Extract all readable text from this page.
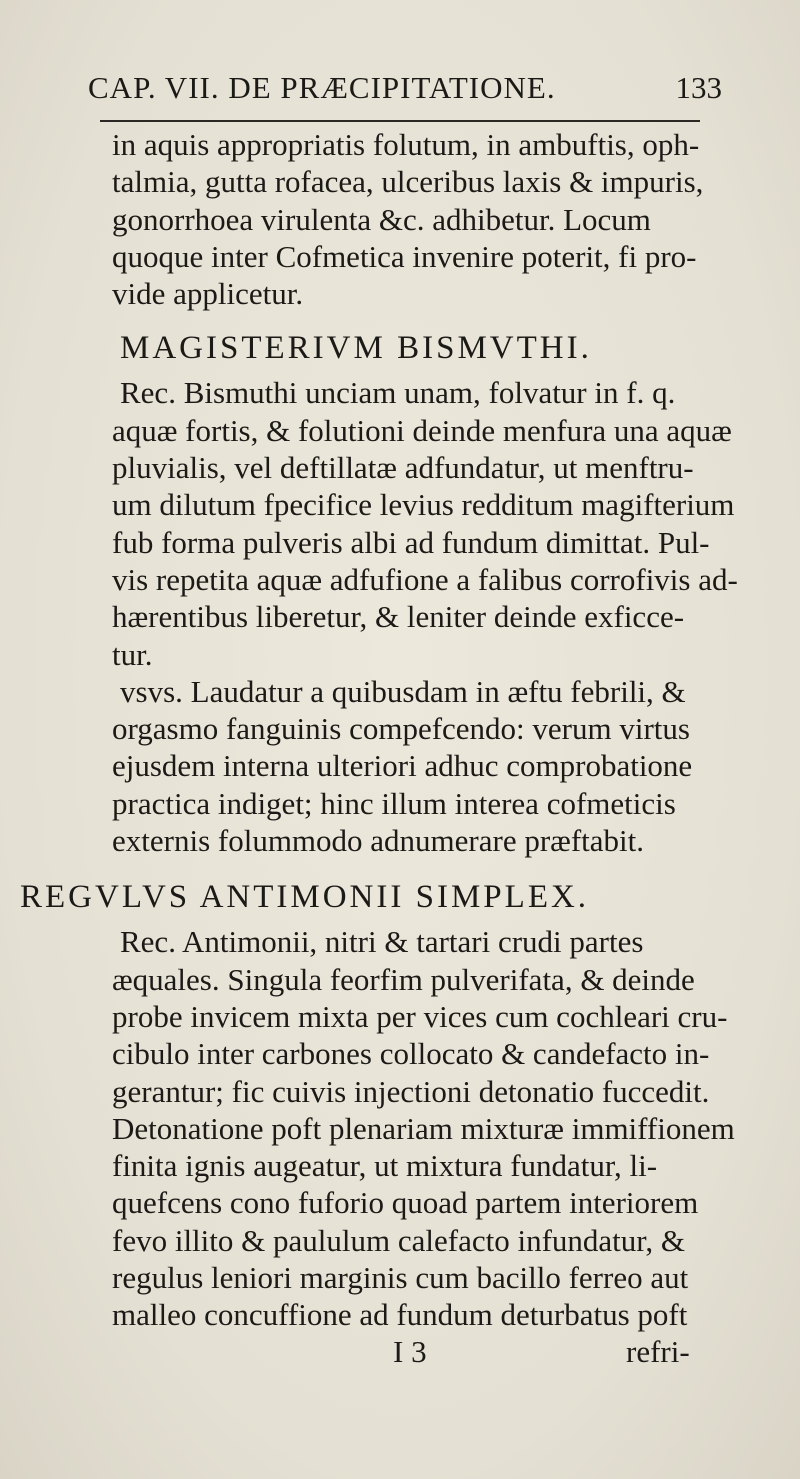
CAP. VII. DE PRÆCIPITATIONE.	133
in aquis appropriatis folutum, in ambuftis, oph-
talmia, gutta rofacea, ulceribus laxis & impuris,
gonorrhoea virulenta &c. adhibetur. Locum
quoque inter Cofmetica invenire poterit, fi pro-
vide applicetur.
MAGISTERIVM BISMVTHI.
Rec. Bismuthi unciam unam, folvatur in f. q.
aquæ fortis, & folutioni deinde menfura una aquæ
pluvialis, vel deftillatæ adfundatur, ut menftru-
um dilutum fpecifice levius redditum magifterium
fub forma pulveris albi ad fundum dimittat. Pul-
vis repetita aquæ adfufione a falibus corrofivis ad-
hærentibus liberetur, & leniter deinde exficce-
tur.
vsvs. Laudatur a quibusdam in æftu febrili, &
orgasmo fanguinis compefcendo: verum virtus
ejusdem interna ulteriori adhuc comprobatione
practica indiget; hinc illum interea cofmeticis
externis folummodo adnumerare præftabit.
REGVLVS ANTIMONII SIMPLEX.
Rec. Antimonii, nitri & tartari crudi partes
æquales. Singula feorfim pulverifata, & deinde
probe invicem mixta per vices cum cochleari cru-
cibulo inter carbones collocato & candefacto in-
gerantur; fic cuivis injectioni detonatio fuccedit.
Detonatione poft plenariam mixturæ immiffionem
finita ignis augeatur, ut mixtura fundatur, li-
quefcens cono fuforio quoad partem interiorem
fevo illito & paululum calefacto infundatur, &
regulus leniori marginis cum bacillo ferreo aut
malleo concuffione ad fundum deturbatus poft
I 3	refri-
